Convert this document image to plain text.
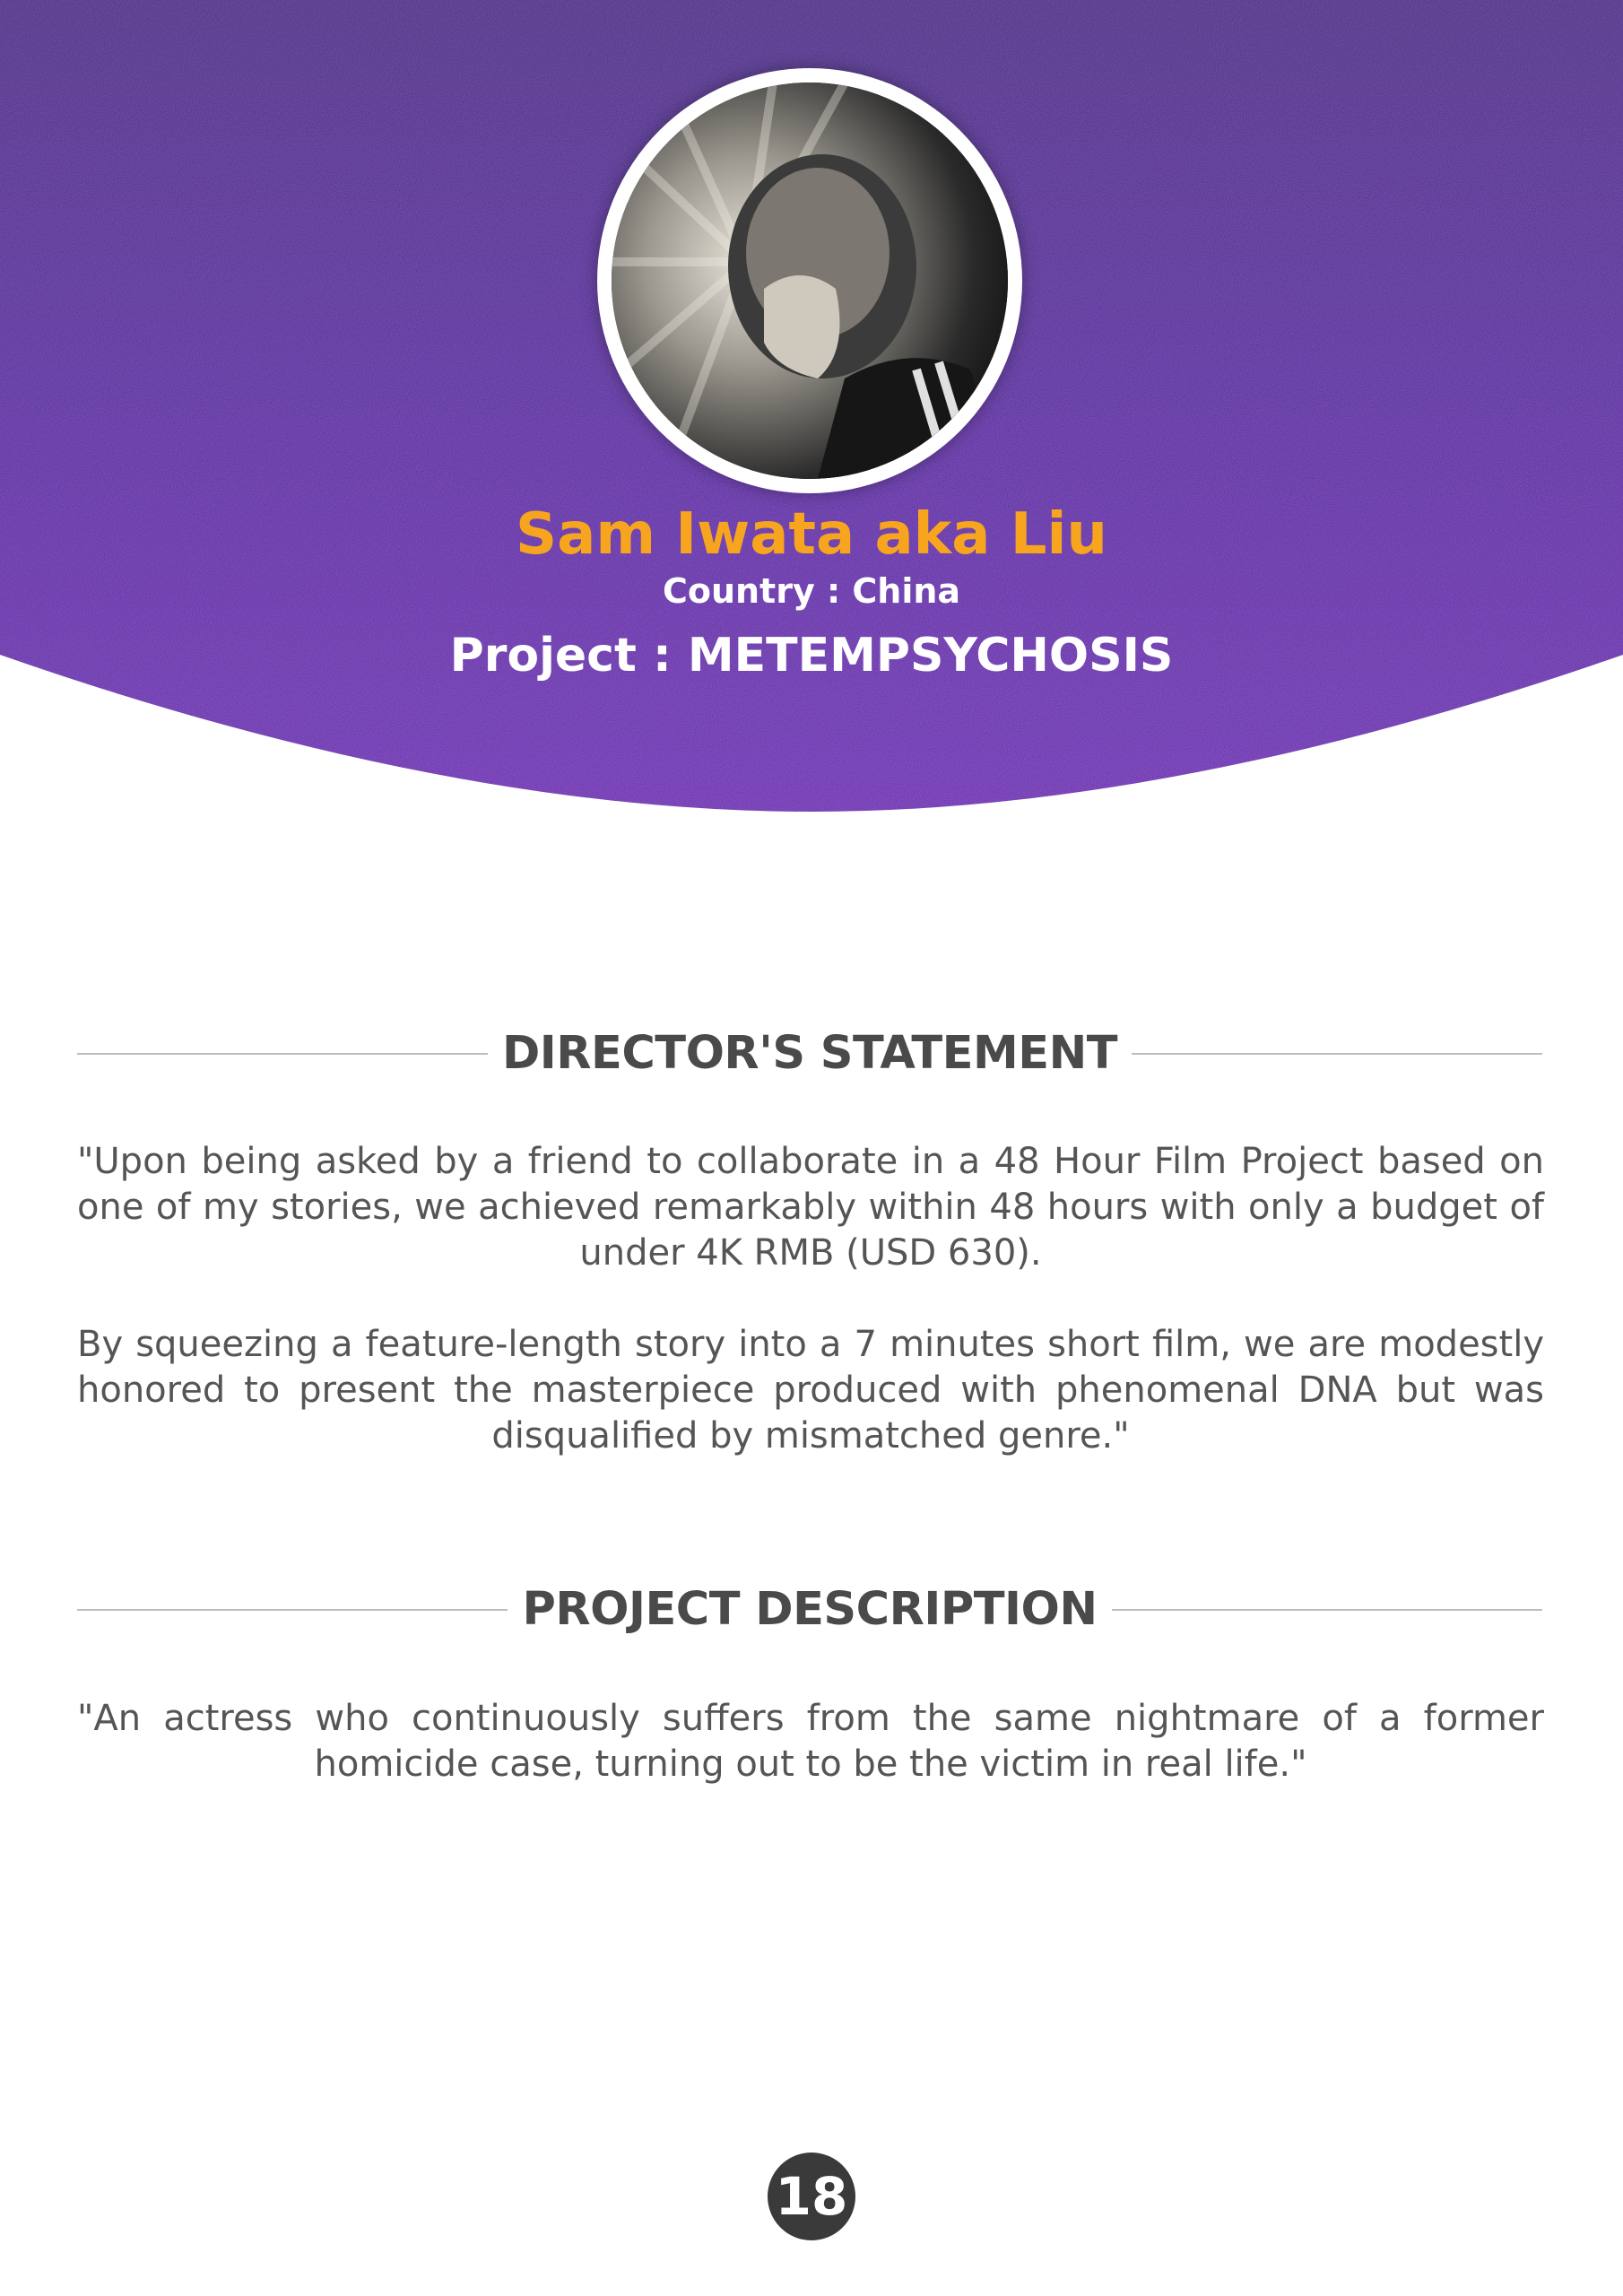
Sam Iwata aka Liu
Country : China
Project : METEMPSYCHOSIS
DIRECTOR'S STATEMENT
"Upon being asked by a friend to collaborate in a 48 Hour Film Project based on one of my stories, we achieved remarkably within 48 hours with only a budget of under 4K RMB (USD 630).
By squeezing a feature-length story into a 7 minutes short film, we are modestly honored to present the masterpiece produced with phenomenal DNA but was disqualified by mismatched genre."
PROJECT DESCRIPTION
"An actress who continuously suffers from the same nightmare of a former homicide case, turning out to be the victim in real life."
18
